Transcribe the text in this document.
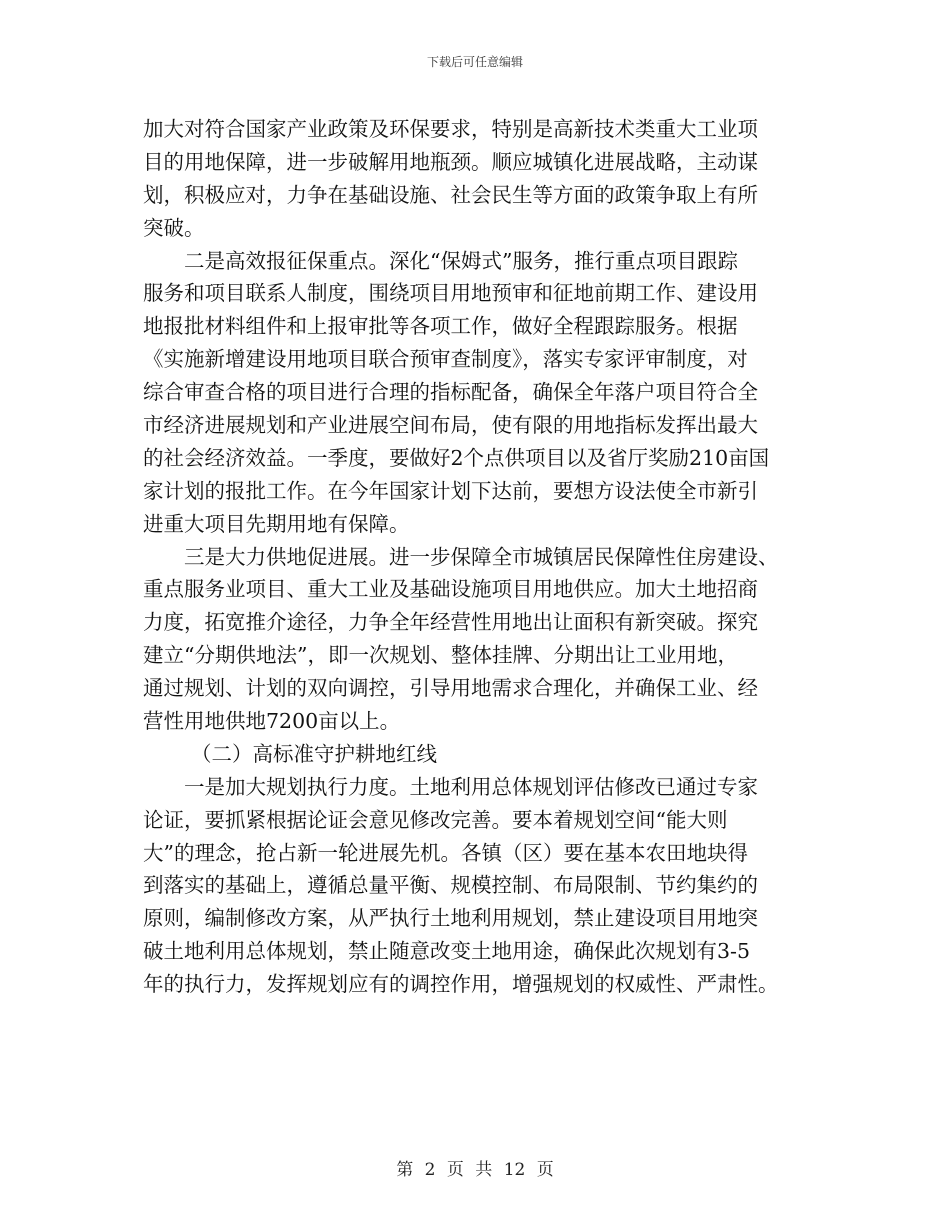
下载后可任意编辑
加大对符合国家产业政策及环保要求，特别是高新技术类重大工业项
目的用地保障，进一步破解用地瓶颈。顺应城镇化进展战略，主动谋
划，积极应对，力争在基础设施、社会民生等方面的政策争取上有所
突破。
二是高效报征保重点。深化“保姆式”服务，推行重点项目跟踪
服务和项目联系人制度，围绕项目用地预审和征地前期工作、建设用
地报批材料组件和上报审批等各项工作，做好全程跟踪服务。根据
《实施新增建设用地项目联合预审查制度》，落实专家评审制度，对
综合审查合格的项目进行合理的指标配备，确保全年落户项目符合全
市经济进展规划和产业进展空间布局，使有限的用地指标发挥出最大
的社会经济效益。一季度，要做好2个点供项目以及省厅奖励210亩国
家计划的报批工作。在今年国家计划下达前，要想方设法使全市新引
进重大项目先期用地有保障。
三是大力供地促进展。进一步保障全市城镇居民保障性住房建设、
重点服务业项目、重大工业及基础设施项目用地供应。加大土地招商
力度，拓宽推介途径，力争全年经营性用地出让面积有新突破。探究
建立“分期供地法”，即一次规划、整体挂牌、分期出让工业用地，
通过规划、计划的双向调控，引导用地需求合理化，并确保工业、经
营性用地供地7200亩以上。
（二）高标准守护耕地红线
一是加大规划执行力度。土地利用总体规划评估修改已通过专家
论证，要抓紧根据论证会意见修改完善。要本着规划空间“能大则
大”的理念，抢占新一轮进展先机。各镇（区）要在基本农田地块得
到落实的基础上，遵循总量平衡、规模控制、布局限制、节约集约的
原则，编制修改方案，从严执行土地利用规划，禁止建设项目用地突
破土地利用总体规划，禁止随意改变土地用途，确保此次规划有3-5
年的执行力，发挥规划应有的调控作用，增强规划的权威性、严肃性。
第 2 页 共 12 页
